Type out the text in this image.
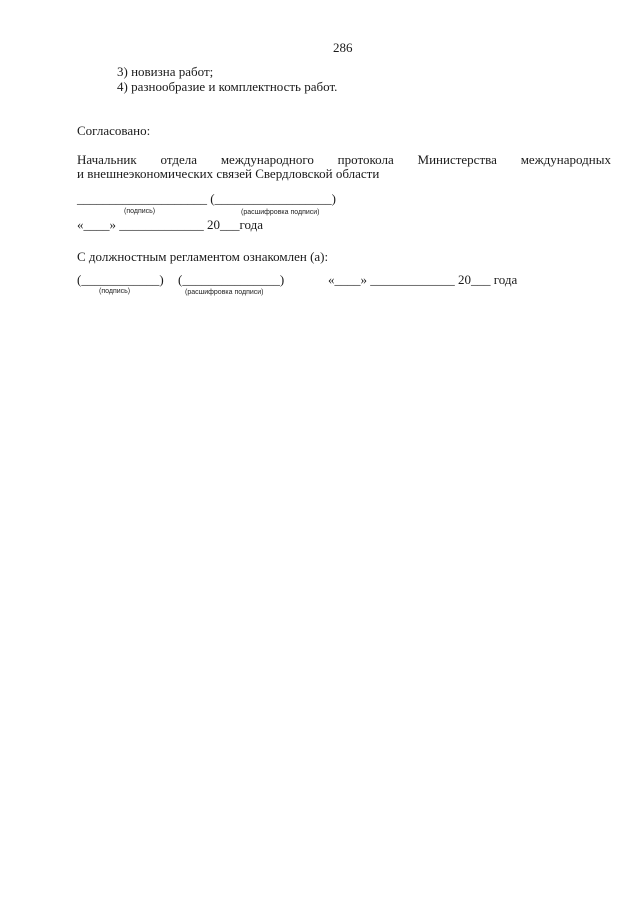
286
3) новизна работ;
4) разнообразие и комплектность работ.
Согласовано:
Начальник отдела международного протокола Министерства международных
и внешнеэкономических связей Свердловской области
____________________ (__________________)
(подпись)	(расшифровка подписи)
«____» _____________ 20___года
С должностным регламентом ознакомлен (а):
(____________) (_______________)	«____» _____________ 20___ года
(подпись)	(расшифровка подписи)
